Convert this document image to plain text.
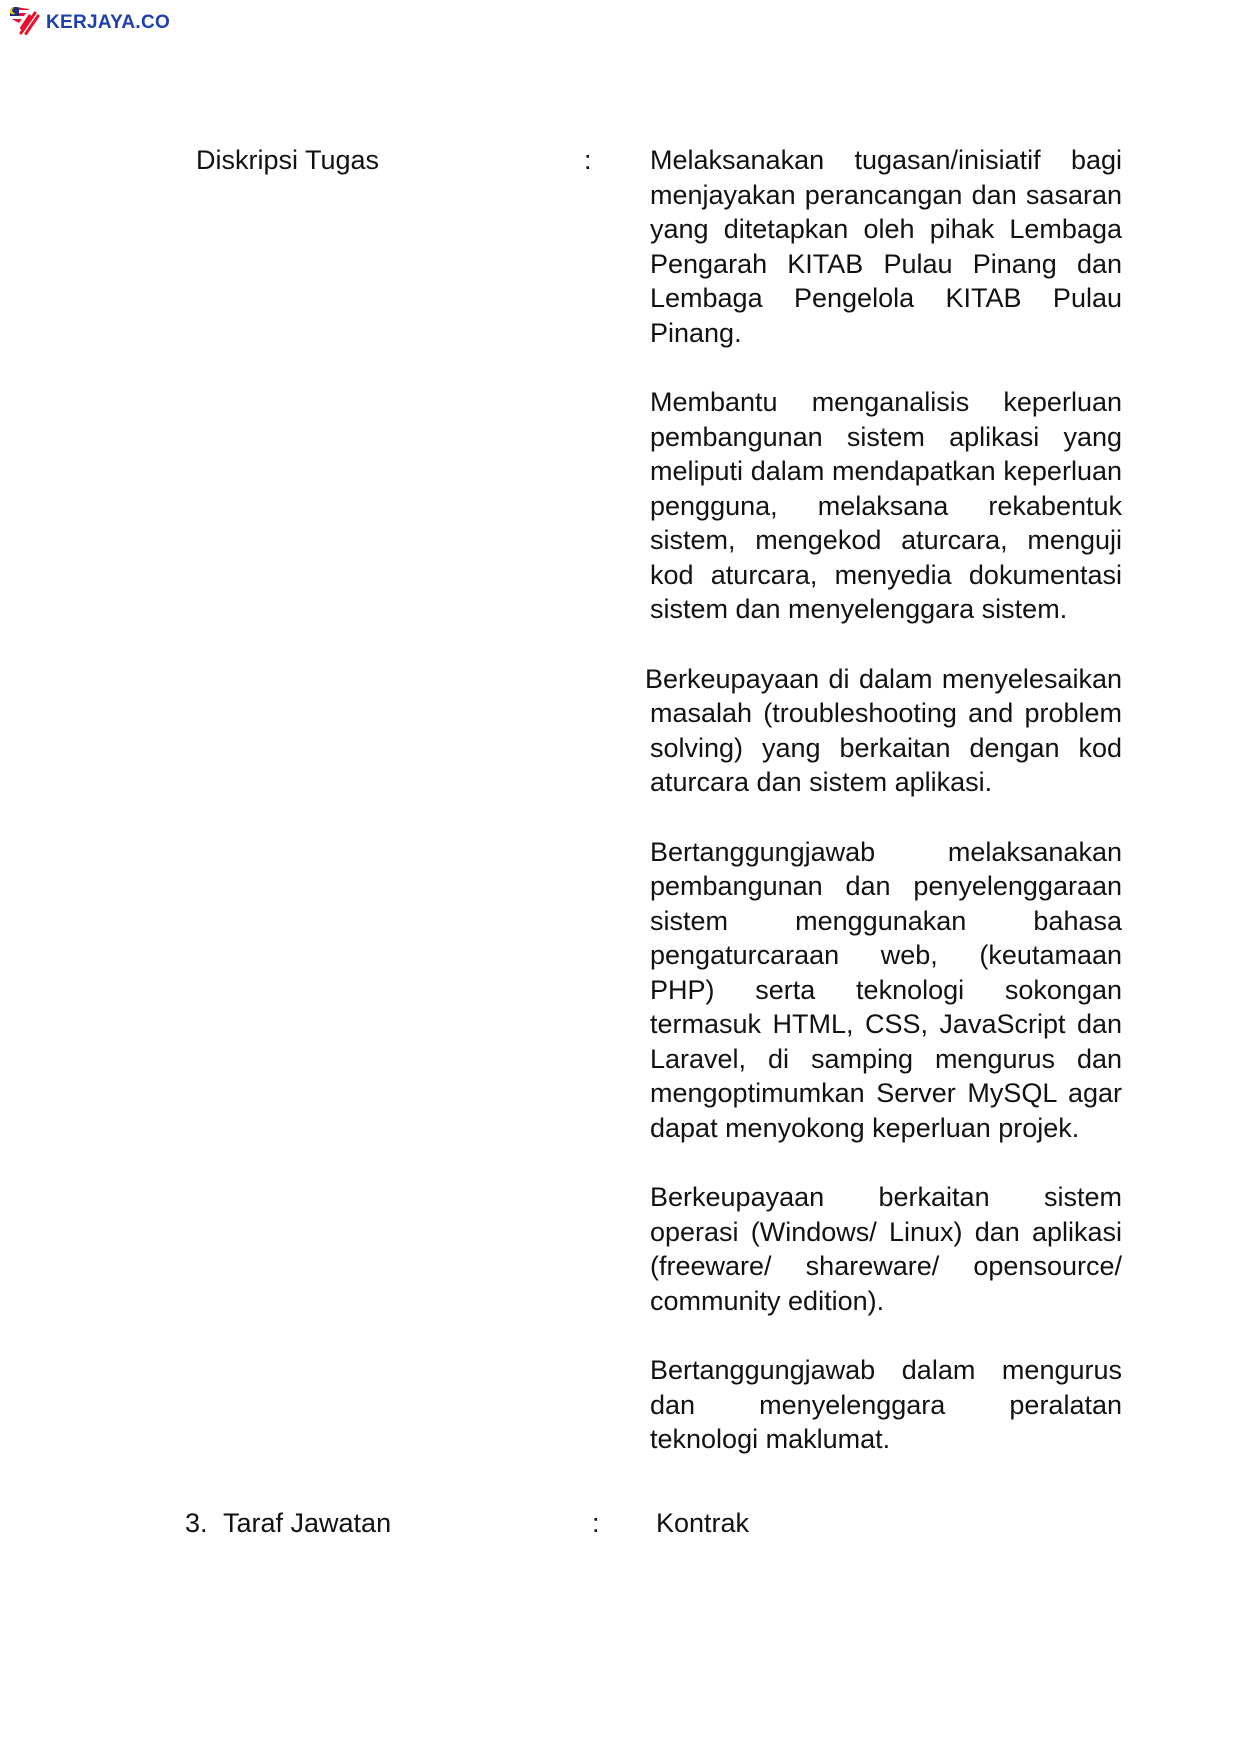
KERJAYA.CO
Diskripsi Tugas	: Melaksanakan tugasan/inisiatif bagi menjayakan perancangan dan sasaran yang ditetapkan oleh pihak Lembaga Pengarah KITAB Pulau Pinang dan Lembaga Pengelola KITAB Pulau Pinang.

Membantu menganalisis keperluan pembangunan sistem aplikasi yang meliputi dalam mendapatkan keperluan pengguna, melaksana rekabentuk sistem, mengekod aturcara, menguji kod aturcara, menyedia dokumentasi sistem dan menyelenggara sistem.

Berkeupayaan di dalam menyelesaikan masalah (troubleshooting and problem solving) yang berkaitan dengan kod aturcara dan sistem aplikasi.

Bertanggungjawab melaksanakan pembangunan dan penyelenggaraan sistem menggunakan bahasa pengaturcaraan web, (keutamaan PHP) serta teknologi sokongan termasuk HTML, CSS, JavaScript dan Laravel, di samping mengurus dan mengoptimumkan Server MySQL agar dapat menyokong keperluan projek.

Berkeupayaan berkaitan sistem operasi (Windows/ Linux) dan aplikasi (freeware/ shareware/ opensource/ community edition).

Bertanggungjawab dalam mengurus dan menyelenggara peralatan teknologi maklumat.

3. Taraf Jawatan	: Kontrak
